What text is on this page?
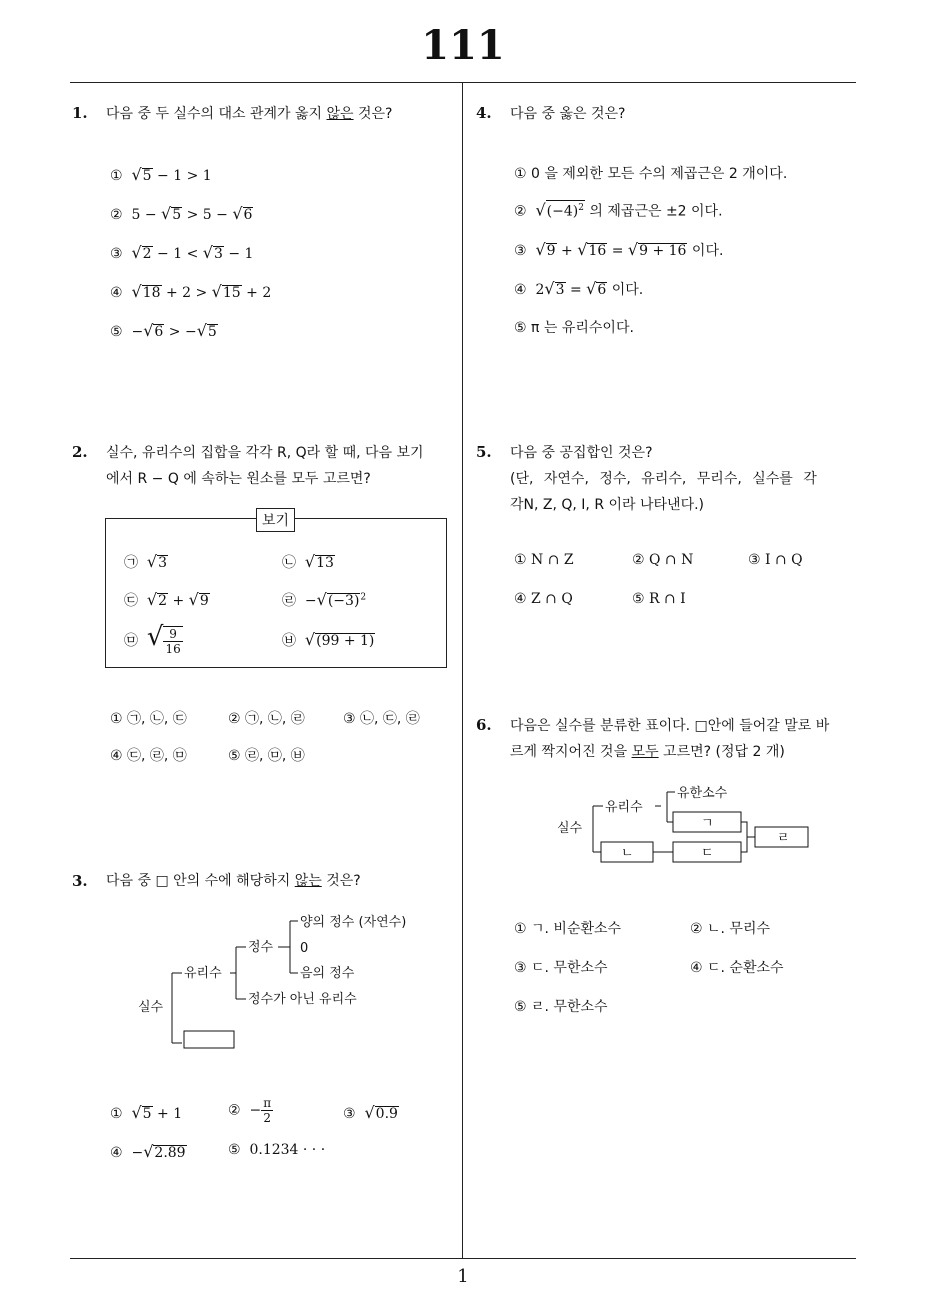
111
1
1. 다음 중 두 실수의 대소 관계가 옳지 않은 것은?
① √5 − 1 > 1
②  5 − √5 > 5 − √6
③ √2 − 1 < √3 − 1
④ √18 + 2 > √15 + 2
⑤  −√6 > −√5
2. 실수, 유리수의 집합을 각각 R, Q라 할 때, 다음 보기
에서 R − Q 에 속하는 원소를 모두 고르면?
보기
㉠ √3	㉡ √13
㉢ √2 + √9	㉣  $-√(-3)^2$
㉤ √ $\frac{9}{16}$	㉥ √(99 + 1)
① ㉠, ㉡, ㉢	② ㉠, ㉡, ㉣	③ ㉡, ㉢, ㉣
④ ㉢, ㉣, ㉤	⑤ ㉣, ㉤, ㉥
3. 다음 중 □ 안의 수에 해당하지 않는 것은?
실수
유리수
정수
정수가 아닌 유리수
양의 정수 (자연수)
0
음의 정수
① √5 + 1	②  − $\frac{\pi}{2}$	③ √0.9
④  −√2.89	⑤ 0.1234 · · ·
4. 다음 중 옳은 것은?
① 0 을 제외한 모든 수의 제곱근은 2 개이다.
② $√(-4)^2$ 의 제곱근은 ±2 이다.
③ √9 + √16 = √9 + 16 이다.
④  2√3 = √6 이다.
⑤ π 는 유리수이다.
5. 다음 중 공집합인 것은?
(단, 자연수, 정수, 유리수, 무리수, 실수를 각
각N, Z, Q, I, R 이라 나타낸다.)
① N ∩ Z	② Q ∩ N	③ I ∩ Q
④ Z ∩ Q	⑤ R ∩ I
6. 다음은 실수를 분류한 표이다. □안에 들어갈 말로 바
르게 짝지어진 것을 모두 고르면? (정답 2 개)
실수
유리수
유한소수
ㄱ
ㄴ	ㄷ
ㄹ
① ㄱ. 비순환소수	② ㄴ. 무리수
③ ㄷ. 무한소수	④ ㄷ. 순환소수
⑤ ㄹ. 무한소수
